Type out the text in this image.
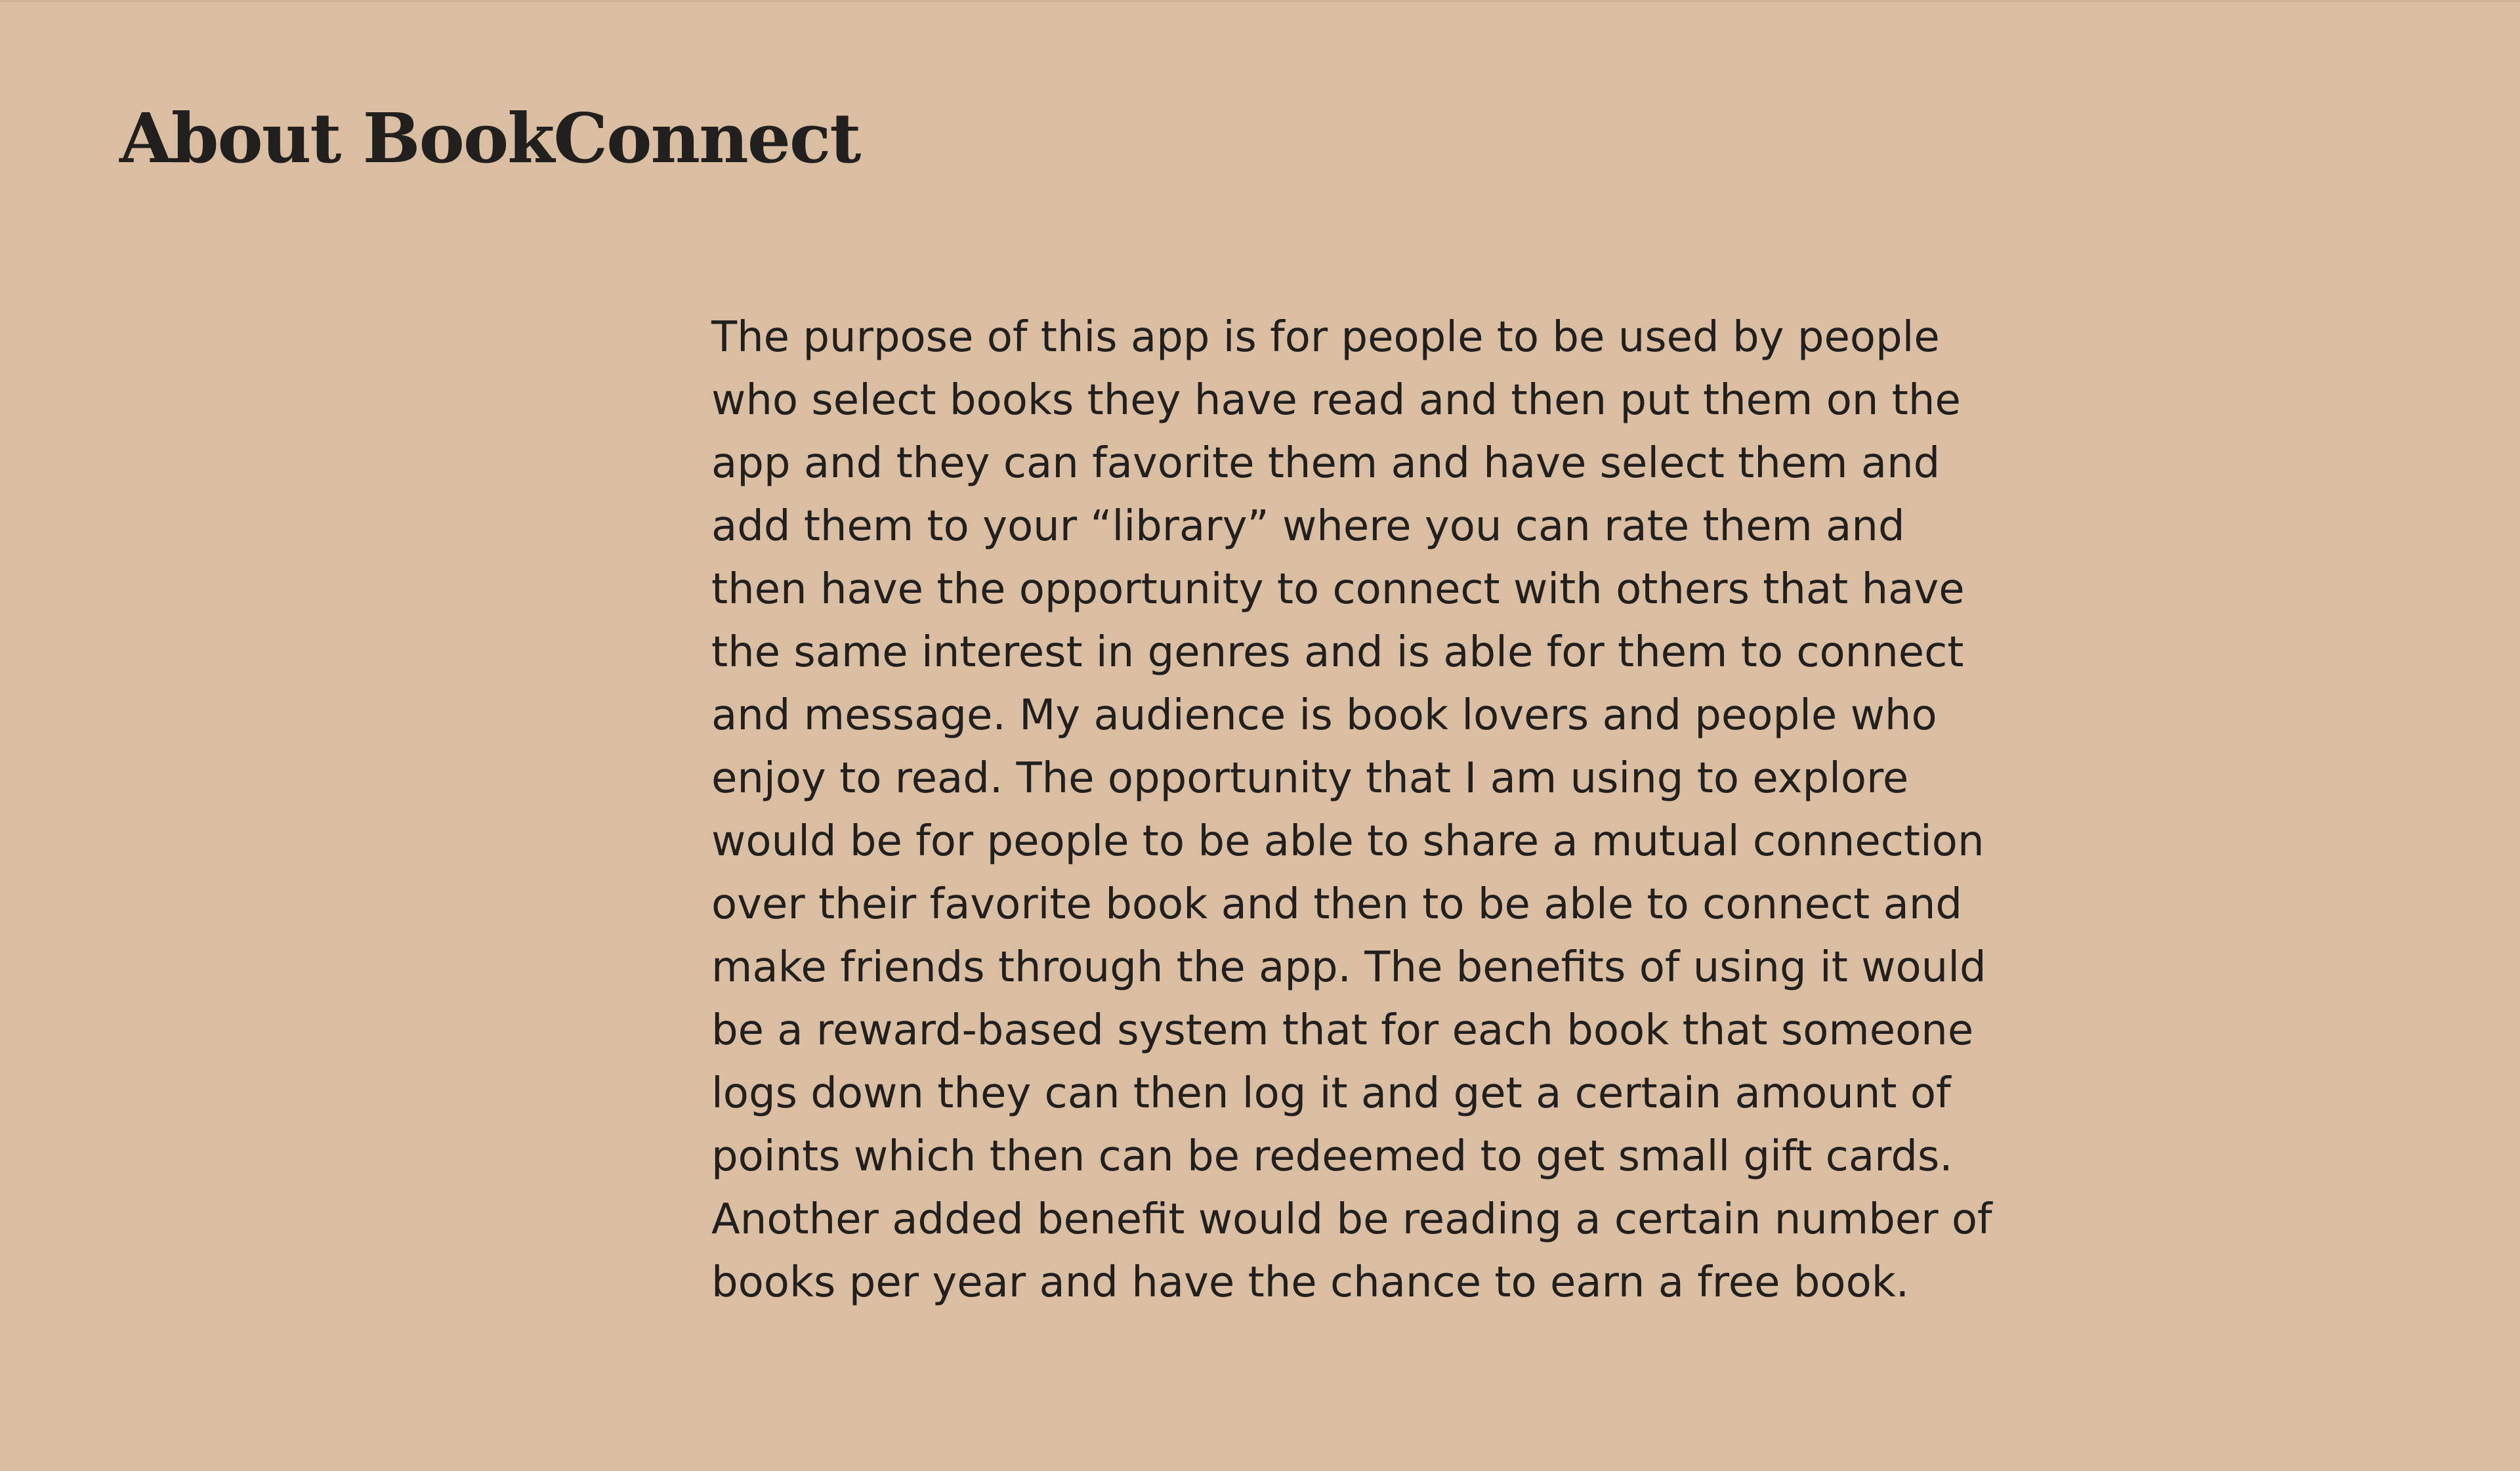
About BookConnect

The purpose of this app is for people to be used by people
who select books they have read and then put them on the
app and they can favorite them and have select them and
add them to your “library” where you can rate them and
then have the opportunity to connect with others that have
the same interest in genres and is able for them to connect
and message. My audience is book lovers and people who
enjoy to read. The opportunity that I am using to explore
would be for people to be able to share a mutual connection
over their favorite book and then to be able to connect and
make friends through the app. The benefits of using it would
be a reward-based system that for each book that someone
logs down they can then log it and get a certain amount of
points which then can be redeemed to get small gift cards.
Another added benefit would be reading a certain number of
books per year and have the chance to earn a free book.
